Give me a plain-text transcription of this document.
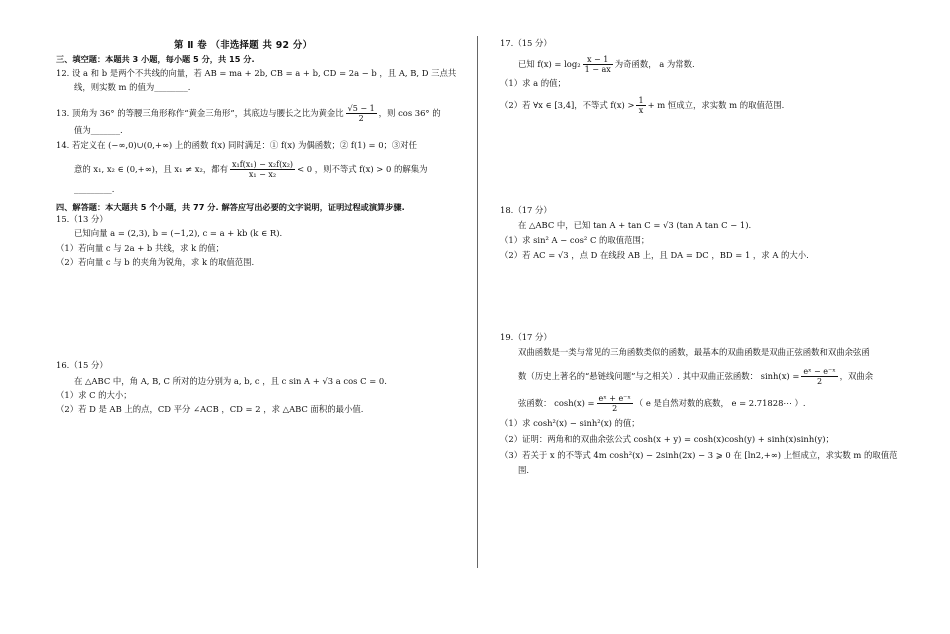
第 Ⅱ 卷 （非选择题 共 92 分）
三、填空题：本题共 3 小题，每小题 5 分，共 15 分.
12. 设 a 和 b 是两个不共线的向量，若 AB = ma + 2b, CB = a + b, CD = 2a − b ，且 A, B, D 三点共
线，则实数 m 的值为________.
13. 顶角为 36° 的等腰三角形称作“黄金三角形”，其底边与腰长之比为黄金比 $\frac{√5 - 1}{2}$ ，则 cos 36° 的
值为_______.
14. 若定义在 (−∞,0)∪(0,+∞) 上的函数 f(x) 同时满足：① f(x) 为偶函数；② f(1) = 0；③对任
意的 x₁, x₂ ∈ (0,+∞)，且 x₁ ≠ x₂，都有 $\frac{\text{x₁f(x₁) − x₂f(x₂)}}{\text{x₁ − x₂}} < 0$ ，则不等式 f(x) > 0 的解集为
_________.
四、解答题：本大题共 5 个小题，共 77 分. 解答应写出必要的文字说明，证明过程或演算步骤.
15.（13 分）
已知向量 a = (2,3), b = (−1,2), c = a + kb (k ∈ R).
（1）若向量 c 与 2a + b 共线，求 k 的值；
（2）若向量 c 与 b 的夹角为锐角，求 k 的取值范围.
16.（15 分）
在 △ABC 中，角 A, B, C 所对的边分别为 a, b, c ，且 c sin A + √3 a cos C = 0.
（1）求 C 的大小；
（2）若 D 是 AB 上的点，CD 平分 ∠ACB ，CD = 2 ，求 △ABC 面积的最小值.
17.（15 分）
已知 $f(x) = \log_2 \frac{x - 1}{1 - ax}$ 为奇函数， a 为常数.
（1）求 a 的值；
（2）若 ∀x ∈ [3,4]，不等式 $f(x) > \frac{1}{x} + m$ 恒成立，求实数 m 的取值范围.
18.（17 分）
在 △ABC 中，已知 tan A + tan C = √3 (tan A tan C − 1).
（1）求 sin² A − cos² C 的取值范围；
（2）若 AC = √3 ，点 D 在线段 AB 上，且 DA = DC ，BD = 1 ，求 A 的大小.
19.（17 分）
双曲函数是一类与常见的三角函数类似的函数，最基本的双曲函数是双曲正弦函数和双曲余弦函
数（历史上著名的“悬链线问题”与之相关）. 其中双曲正弦函数： $\sinh(x) = \frac{\text{eˣ − e⁻ˣ}}{2}$ ，双曲余
弦函数： $\cosh(x) = \frac{\text{eˣ + e⁻ˣ}}{2}$ （ e 是自然对数的底数， e = 2.71828⋯ ）.
（1）求 cosh²(x) − sinh²(x) 的值；
（2）证明：两角和的双曲余弦公式 cosh(x + y) = cosh(x)cosh(y) + sinh(x)sinh(y)；
（3）若关于 x 的不等式 4m cosh²(x) − 2sinh(2x) − 3 ⩾ 0 在 [ln2,+∞) 上恒成立，求实数 m 的取值范
围.
